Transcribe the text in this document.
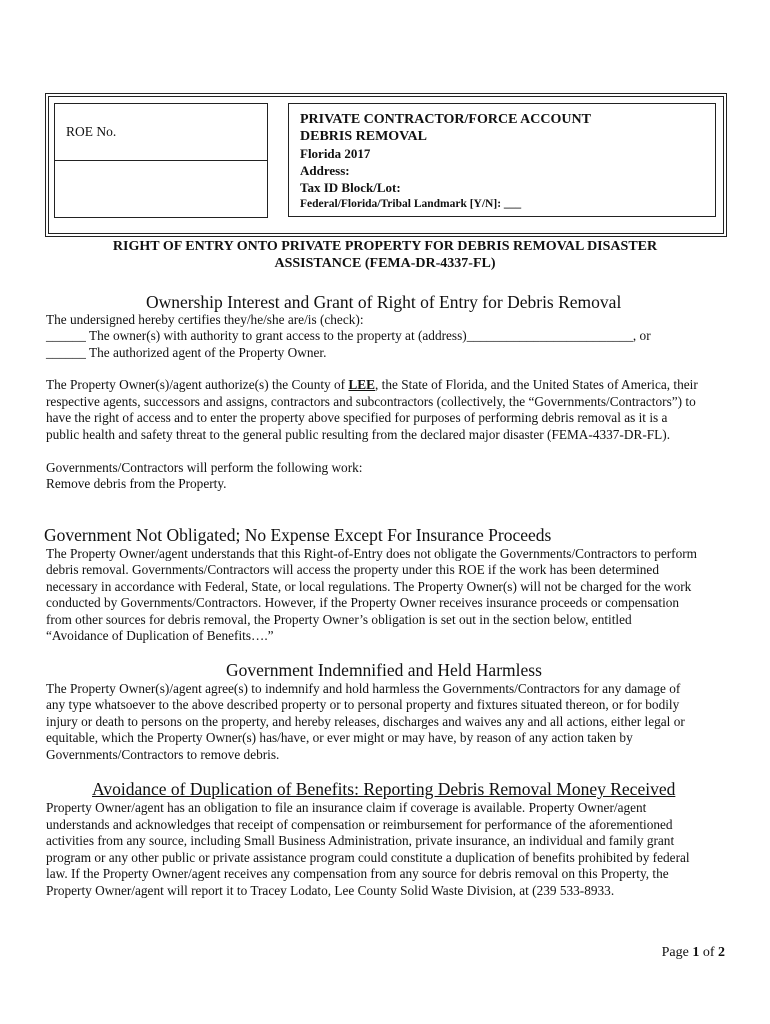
ROE No.
PRIVATE CONTRACTOR/FORCE ACCOUNT
DEBRIS REMOVAL
Florida 2017
Address:
Tax ID Block/Lot:
Federal/Florida/Tribal Landmark [Y/N]: ___
RIGHT OF ENTRY ONTO PRIVATE PROPERTY FOR DEBRIS REMOVAL DISASTER
ASSISTANCE (FEMA-DR-4337-FL)
Ownership Interest and Grant of Right of Entry for Debris Removal
The undersigned hereby certifies they/he/she are/is (check):
______ The owner(s) with authority to grant access to the property at (address)_________________________, or
______ The authorized agent of the Property Owner.
The Property Owner(s)/agent authorize(s) the County of LEE, the State of Florida, and the United States of America, their
respective agents, successors and assigns, contractors and subcontractors (collectively, the “Governments/Contractors”) to
have the right of access and to enter the property above specified for purposes of performing debris removal as it is a
public health and safety threat to the general public resulting from the declared major disaster (FEMA-4337-DR-FL).
Governments/Contractors will perform the following work:
Remove debris from the Property.
Government Not Obligated; No Expense Except For Insurance Proceeds
The Property Owner/agent understands that this Right-of-Entry does not obligate the Governments/Contractors to perform
debris removal. Governments/Contractors will access the property under this ROE if the work has been determined
necessary in accordance with Federal, State, or local regulations. The Property Owner(s) will not be charged for the work
conducted by Governments/Contractors. However, if the Property Owner receives insurance proceeds or compensation
from other sources for debris removal, the Property Owner’s obligation is set out in the section below, entitled
“Avoidance of Duplication of Benefits….”
Government Indemnified and Held Harmless
The Property Owner(s)/agent agree(s) to indemnify and hold harmless the Governments/Contractors for any damage of
any type whatsoever to the above described property or to personal property and fixtures situated thereon, or for bodily
injury or death to persons on the property, and hereby releases, discharges and waives any and all actions, either legal or
equitable, which the Property Owner(s) has/have, or ever might or may have, by reason of any action taken by
Governments/Contractors to remove debris.
Avoidance of Duplication of Benefits: Reporting Debris Removal Money Received
Property Owner/agent has an obligation to file an insurance claim if coverage is available. Property Owner/agent
understands and acknowledges that receipt of compensation or reimbursement for performance of the aforementioned
activities from any source, including Small Business Administration, private insurance, an individual and family grant
program or any other public or private assistance program could constitute a duplication of benefits prohibited by federal
law. If the Property Owner/agent receives any compensation from any source for debris removal on this Property, the
Property Owner/agent will report it to Tracey Lodato, Lee County Solid Waste Division, at (239 533-8933.
Page 1 of 2
